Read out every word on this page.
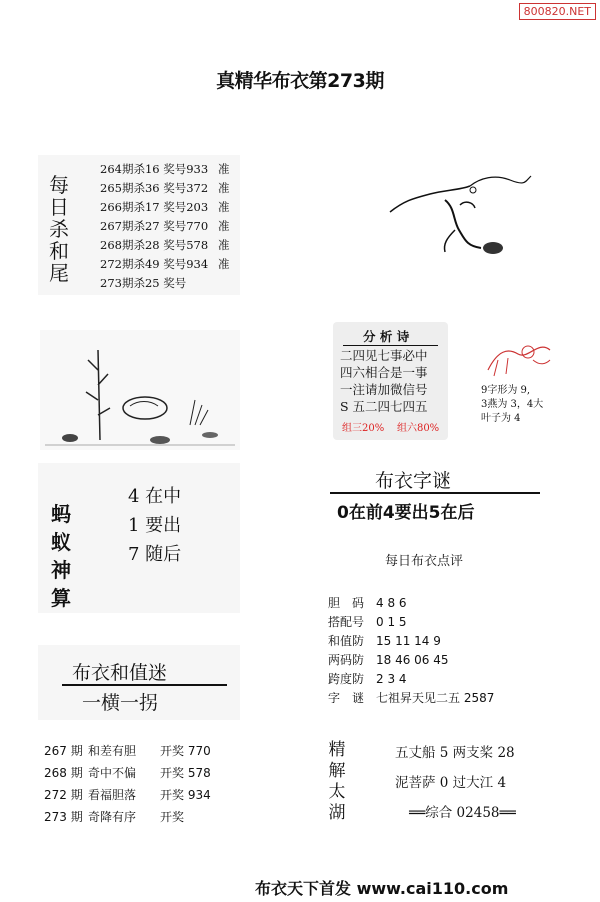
800820.NET
真精华布衣第273期
每
日
杀
和
尾
264期杀16 奖号933 准
265期杀36 奖号372 准
266期杀17 奖号203 准
267期杀27 奖号770 准
268期杀28 奖号578 准
272期杀49 奖号934 准
273期杀25 奖号
分 析 诗
二四见七事必中
四六相合是一事
一注请加微信号
S 五二四七四五
组三20% 组六80%
9字形为 9,
3燕为 3，4大
叶子为 4
蚂
蚁
神
算
4 在中
1 要出
7 随后
布衣字谜
0在前4要出5在后
每日布衣点评
胆　码 4 8 6
搭配号 0 1 5
和值防 15 11 14 9
两码防 18 46 06 45
跨度防 2 3 4
字　谜 七祖昇天见二五 2587
布衣和值迷
一横一拐
267 期 和差有胆 开奖 770
268 期 奇中不偏 开奖 578
272 期 看福胆落 开奖 934
273 期 奇降有序 开奖
精
解
太
湖
五丈船 5 两支桨 28
泥菩萨 0 过大江 4
══综合 02458══
布衣天下首发 www.cai110.com
